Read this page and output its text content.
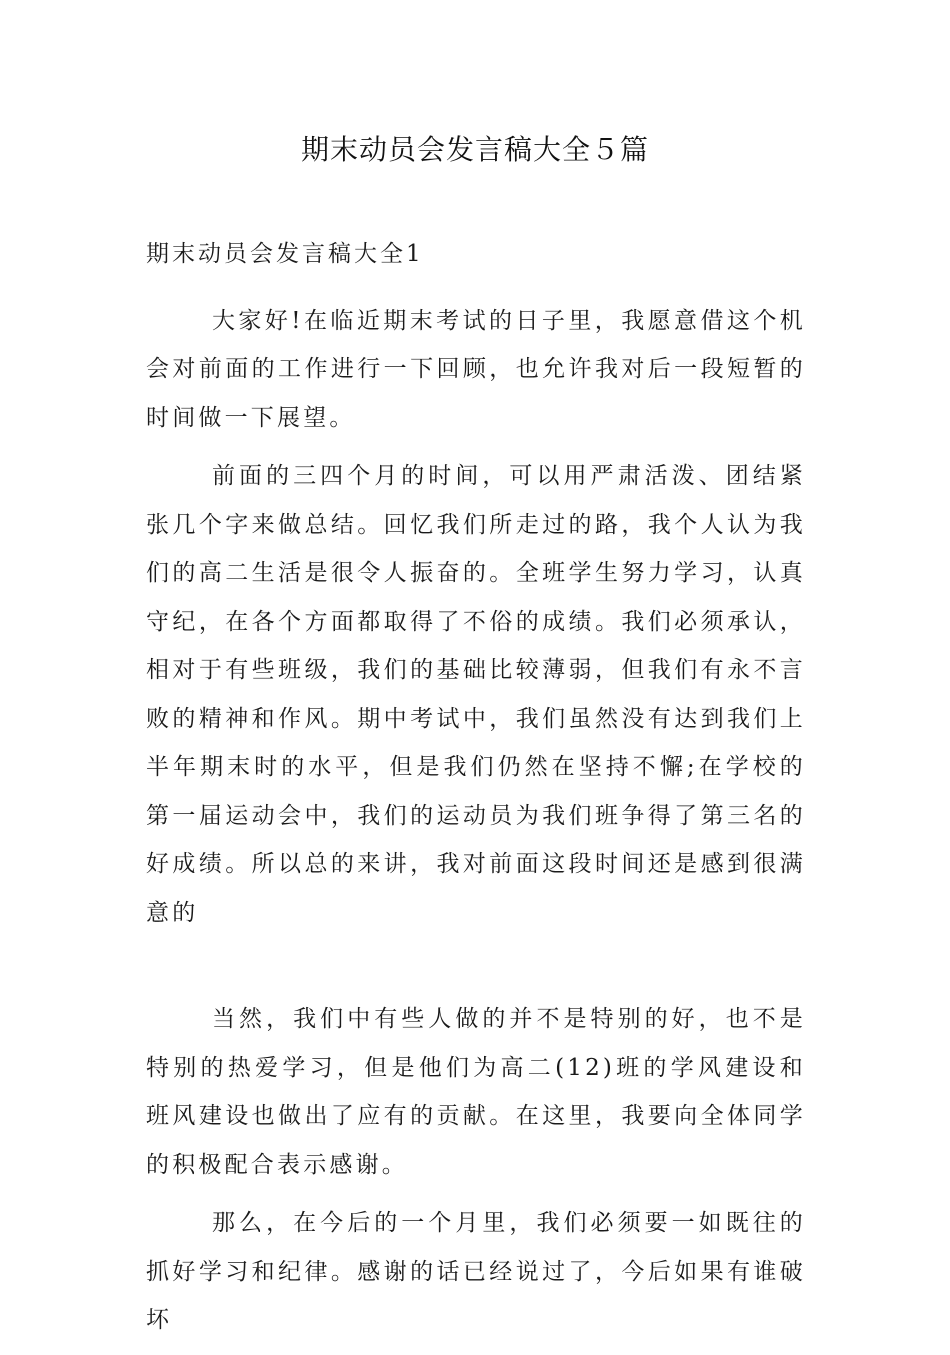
期末动员会发言稿大全５篇

期末动员会发言稿大全1

大家好!在临近期末考试的日子里，我愿意借这个机会对前面的工作进行一下回顾，也允许我对后一段短暂的时间做一下展望。

前面的三四个月的时间，可以用严肃活泼、团结紧张几个字来做总结。回忆我们所走过的路，我个人认为我们的高二生活是很令人振奋的。全班学生努力学习，认真守纪，在各个方面都取得了不俗的成绩。我们必须承认，相对于有些班级，我们的基础比较薄弱，但我们有永不言败的精神和作风。期中考试中，我们虽然没有达到我们上半年期末时的水平，但是我们仍然在坚持不懈;在学校的第一届运动会中，我们的运动员为我们班争得了第三名的好成绩。所以总的来讲，我对前面这段时间还是感到很满意的

当然，我们中有些人做的并不是特别的好，也不是特别的热爱学习，但是他们为高二(12)班的学风建设和班风建设也做出了应有的贡献。在这里，我要向全体同学的积极配合表示感谢。

那么，在今后的一个月里，我们必须要一如既往的抓好学习和纪律。感谢的话已经说过了，今后如果有谁破坏
